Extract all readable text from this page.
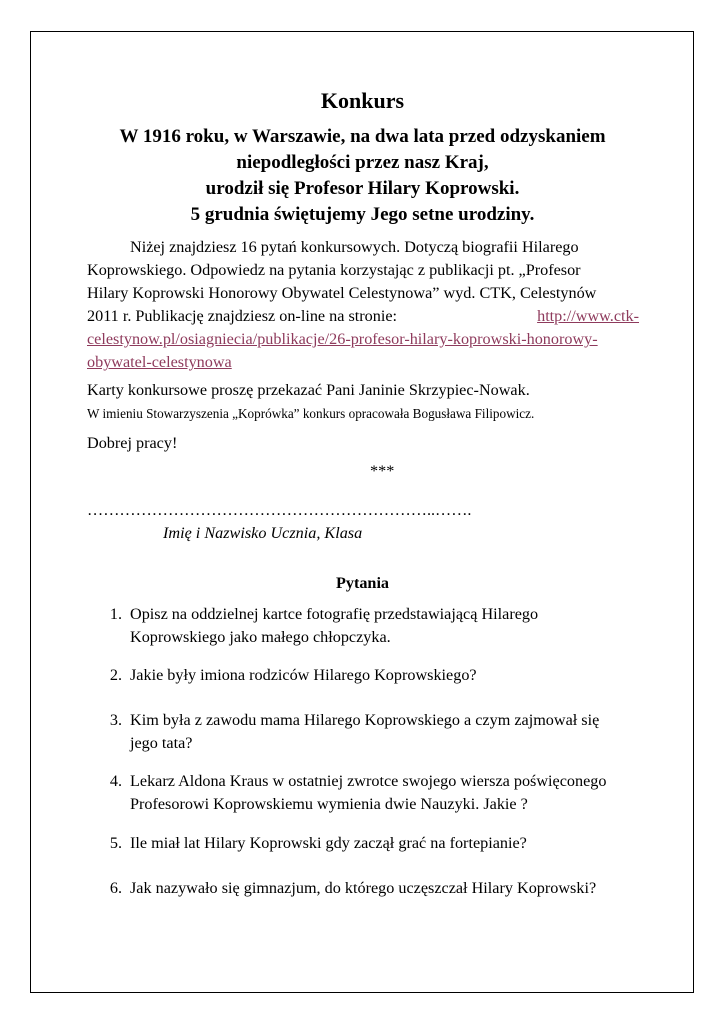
Konkurs
W 1916 roku, w Warszawie, na dwa lata przed odzyskaniem
niepodległości przez nasz Kraj,
urodził się Profesor Hilary Koprowski.
5 grudnia świętujemy Jego setne urodziny.
Niżej znajdziesz 16 pytań konkursowych. Dotyczą biografii Hilarego
Koprowskiego. Odpowiedz na pytania korzystając z publikacji pt. „Profesor
Hilary Koprowski Honorowy Obywatel Celestynowa” wyd. CTK, Celestynów
2011 r. Publikację znajdziesz on-line na stronie:	http://www.ctk-
celestynow.pl/osiagniecia/publikacje/26-profesor-hilary-koprowski-honorowy-
obywatel-celestynowa
Karty konkursowe proszę przekazać Pani Janinie Skrzypiec-Nowak.
W imieniu Stowarzyszenia „Koprówka” konkurs opracowała Bogusława Filipowicz.
Dobrej pracy!
***
………………………………………………………..…….
Imię i Nazwisko Ucznia, Klasa
Pytania
1. Opisz na oddzielnej kartce fotografię przedstawiającą Hilarego
Koprowskiego jako małego chłopczyka.
2. Jakie były imiona rodziców Hilarego Koprowskiego?
3. Kim była z zawodu mama Hilarego Koprowskiego a czym zajmował się
jego tata?
4. Lekarz Aldona Kraus w ostatniej zwrotce swojego wiersza poświęconego
Profesorowi Koprowskiemu wymienia dwie Nauzyki. Jakie ?
5. Ile miał lat Hilary Koprowski gdy zaczął grać na fortepianie?
6. Jak nazywało się gimnazjum, do którego uczęszczał Hilary Koprowski?
